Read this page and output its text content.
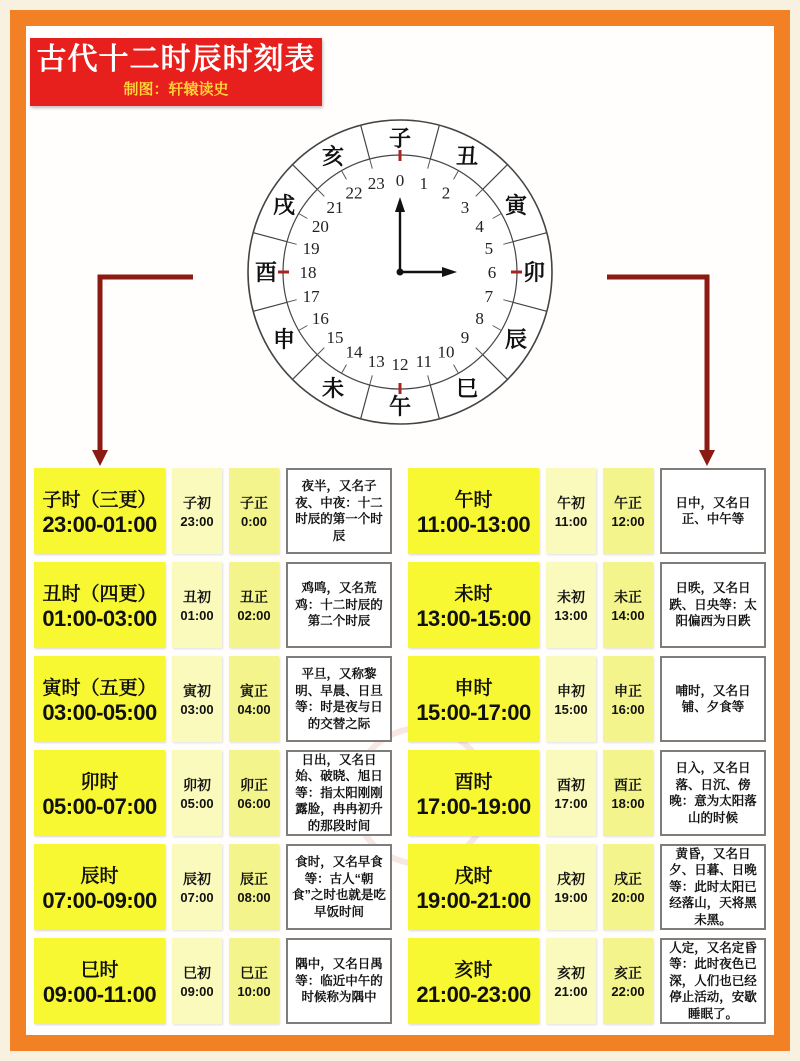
古代十二时辰时刻表
制图：轩辕读史
子
丑
寅
卯
辰
巳
午
未
申
酉
戌
亥
0 1 2
3
4
5
6
7
8
9
10
11
12
13
14
15
16
17
18
19
20
21
22 23
子时（三更）
23:00-01:00
子初
23:00
子正
0:00
夜半，又名子夜、中夜：十二时辰的第一个时辰
午时
11:00-13:00
午初
11:00
午正
12:00
日中，又名日正、中午等
丑时（四更）
01:00-03:00
丑初
01:00
丑正
02:00
鸡鸣，又名荒鸡：十二时辰的第二个时辰
未时
13:00-15:00
未初
13:00
未正
14:00
日昳，又名日跌、日央等：太阳偏西为日跌
寅时（五更）
03:00-05:00
寅初
03:00
寅正
04:00
平旦，又称黎明、早晨、日旦等：时是夜与日的交替之际
申时
15:00-17:00
申初
15:00
申正
16:00
哺时，又名日铺、夕食等
卯时
05:00-07:00
卯初
05:00
卯正
06:00
日出，又名日始、破晓、旭日等：指太阳刚刚露脸，冉冉初升的那段时间
酉时
17:00-19:00
酉初
17:00
酉正
18:00
日入，又名日落、日沉、傍晚：意为太阳落山的时候
辰时
07:00-09:00
辰初
07:00
辰正
08:00
食时，又名早食等：古人“朝食”之时也就是吃早饭时间
戌时
19:00-21:00
戌初
19:00
戌正
20:00
黄昏，又名日夕、日暮、日晚等：此时太阳已经落山，天将黑未黑。
巳时
09:00-11:00
巳初
09:00
巳正
10:00
隅中，又名日禺等：临近中午的时候称为隅中
亥时
21:00-23:00
亥初
21:00
亥正
22:00
人定，又名定昏等：此时夜色已深，人们也已经停止活动，安歇睡眠了。
